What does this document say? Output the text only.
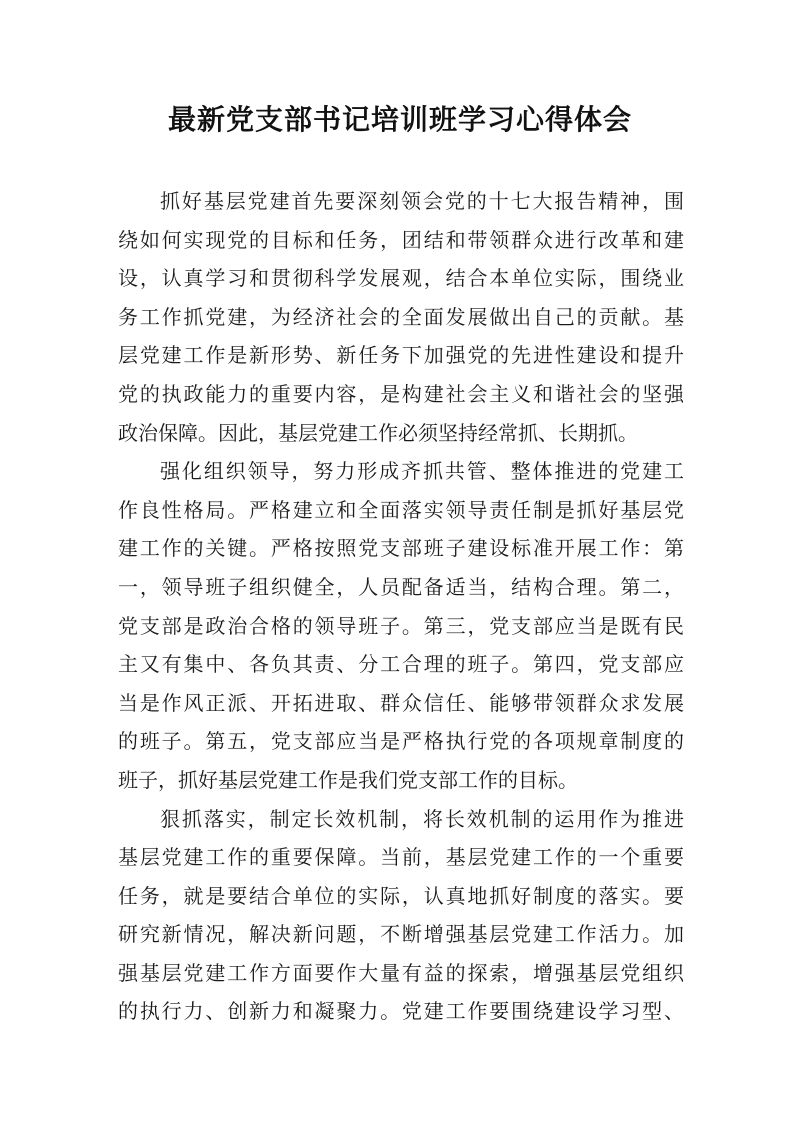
最新党支部书记培训班学习心得体会

抓好基层党建首先要深刻领会党的十七大报告精神，围
绕如何实现党的目标和任务，团结和带领群众进行改革和建
设，认真学习和贯彻科学发展观，结合本单位实际，围绕业
务工作抓党建，为经济社会的全面发展做出自己的贡献。基
层党建工作是新形势、新任务下加强党的先进性建设和提升
党的执政能力的重要内容，是构建社会主义和谐社会的坚强
政治保障。因此，基层党建工作必须坚持经常抓、长期抓。

强化组织领导，努力形成齐抓共管、整体推进的党建工
作良性格局。严格建立和全面落实领导责任制是抓好基层党
建工作的关键。严格按照党支部班子建设标准开展工作：第
一，领导班子组织健全，人员配备适当，结构合理。第二，
党支部是政治合格的领导班子。第三，党支部应当是既有民
主又有集中、各负其责、分工合理的班子。第四，党支部应
当是作风正派、开拓进取、群众信任、能够带领群众求发展
的班子。第五，党支部应当是严格执行党的各项规章制度的
班子，抓好基层党建工作是我们党支部工作的目标。

狠抓落实，制定长效机制，将长效机制的运用作为推进
基层党建工作的重要保障。当前，基层党建工作的一个重要
任务，就是要结合单位的实际，认真地抓好制度的落实。要
研究新情况，解决新问题，不断增强基层党建工作活力。加
强基层党建工作方面要作大量有益的探索，增强基层党组织
的执行力、创新力和凝聚力。党建工作要围绕建设学习型、
